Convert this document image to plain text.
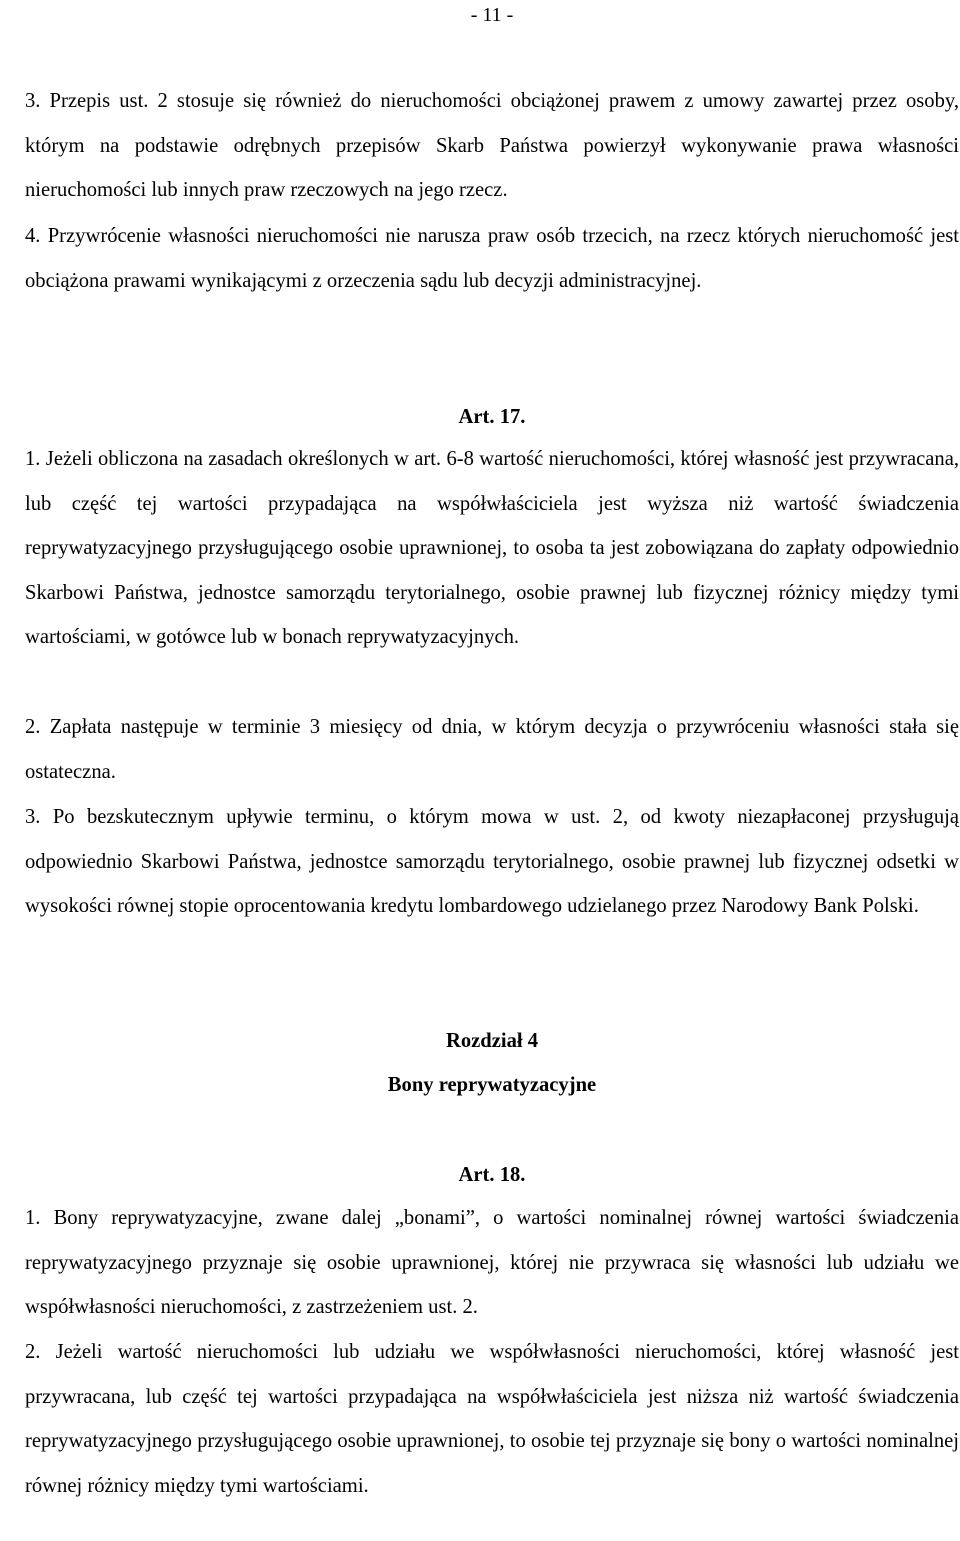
- 11 -

3. Przepis ust. 2 stosuje się również do nieruchomości obciążonej prawem z umowy zawartej przez osoby, którym na podstawie odrębnych przepisów Skarb Państwa powierzył wykonywanie prawa własności nieruchomości lub innych praw rzeczowych na jego rzecz.

4. Przywrócenie własności nieruchomości nie narusza praw osób trzecich, na rzecz których nieruchomość jest obciążona prawami wynikającymi z orzeczenia sądu lub decyzji administracyjnej.

Art. 17.

1. Jeżeli obliczona na zasadach określonych w art. 6-8 wartość nieruchomości, której własność jest przywracana, lub część tej wartości przypadająca na współwłaściciela jest wyższa niż wartość świadczenia reprywatyzacyjnego przysługującego osobie uprawnionej, to osoba ta jest zobowiązana do zapłaty odpowiednio Skarbowi Państwa, jednostce samorządu terytorialnego, osobie prawnej lub fizycznej różnicy między tymi wartościami, w gotówce lub w bonach reprywatyzacyjnych.

2. Zapłata następuje w terminie 3 miesięcy od dnia, w którym decyzja o przywróceniu własności stała się ostateczna.

3. Po bezskutecznym upływie terminu, o którym mowa w ust. 2, od kwoty niezapłaconej przysługują odpowiednio Skarbowi Państwa, jednostce samorządu terytorialnego, osobie prawnej lub fizycznej odsetki w wysokości równej stopie oprocentowania kredytu lombardowego udzielanego przez Narodowy Bank Polski.

Rozdział 4
Bony reprywatyzacyjne
Art. 18.

1. Bony reprywatyzacyjne, zwane dalej „bonami”, o wartości nominalnej równej wartości świadczenia reprywatyzacyjnego przyznaje się osobie uprawnionej, której nie przywraca się własności lub udziału we współwłasności nieruchomości, z zastrzeżeniem ust. 2.

2. Jeżeli wartość nieruchomości lub udziału we współwłasności nieruchomości, której własność jest przywracana, lub część tej wartości przypadająca na współwłaściciela jest niższa niż wartość świadczenia reprywatyzacyjnego przysługującego osobie uprawnionej, to osobie tej przyznaje się bony o wartości nominalnej równej różnicy między tymi wartościami.
